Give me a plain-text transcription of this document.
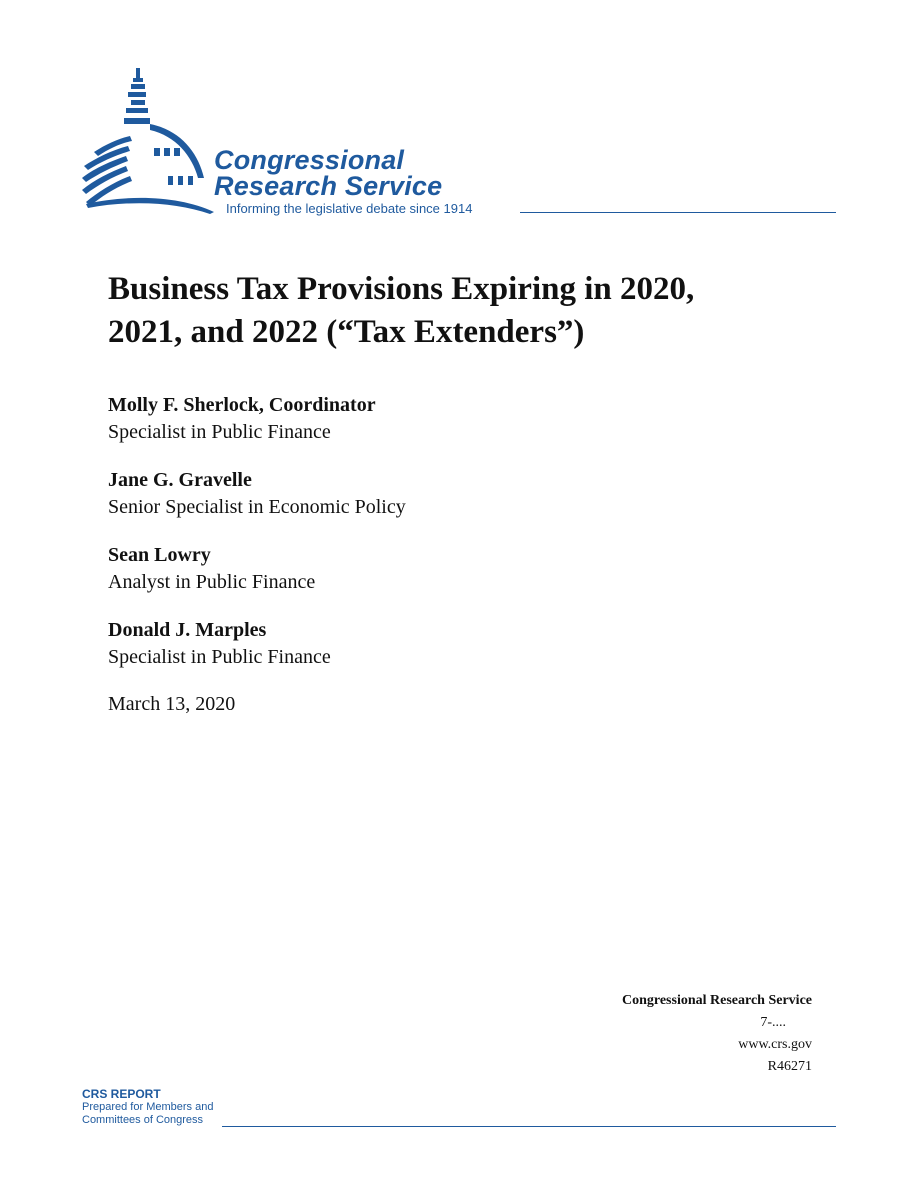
Congressional
Research Service
Informing the legislative debate since 1914
Business Tax Provisions Expiring in 2020,
2021, and 2022 (“Tax Extenders”)
Molly F. Sherlock, Coordinator
Specialist in Public Finance
Jane G. Gravelle
Senior Specialist in Economic Policy
Sean Lowry
Analyst in Public Finance
Donald J. Marples
Specialist in Public Finance
March 13, 2020
Congressional Research Service
7-....
www.crs.gov
R46271
CRS REPORT
Prepared for Members and
Committees of Congress
